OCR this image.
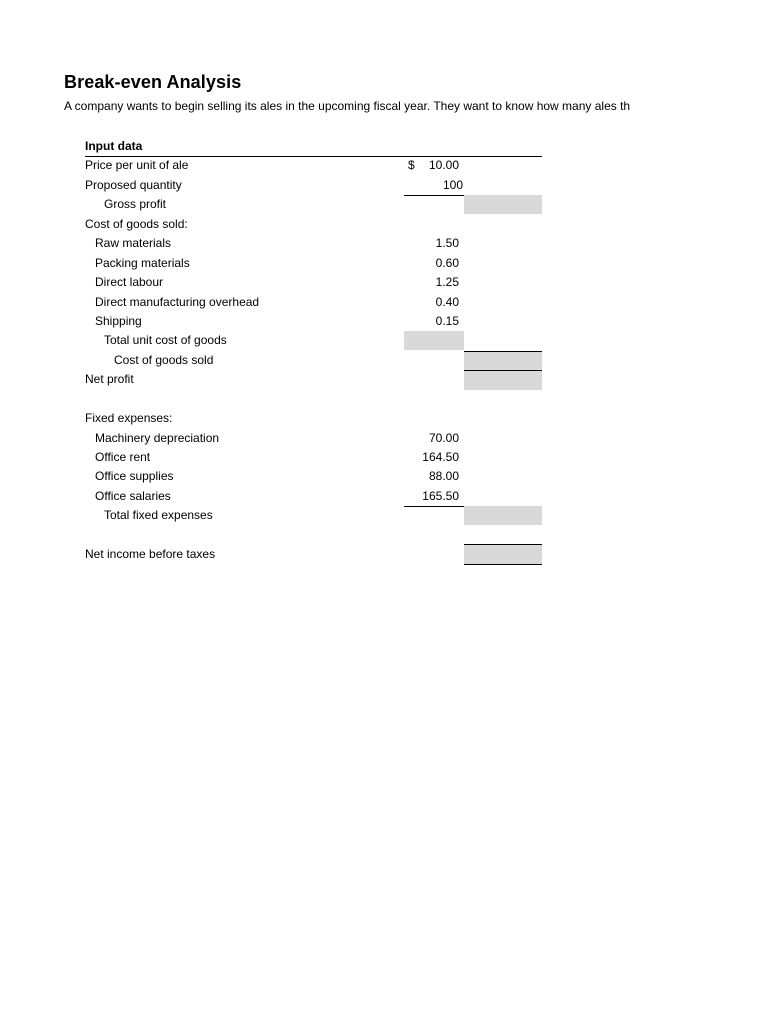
Break-even Analysis
A company wants to begin selling its ales in the upcoming fiscal year. They want to know how many ales th
Input data
Price per unit of ale	$ 10.00
Proposed quantity	100
Gross profit
Cost of goods sold:
Raw materials	1.50
Packing materials	0.60
Direct labour	1.25
Direct manufacturing overhead	0.40
Shipping	0.15
Total unit cost of goods
Cost of goods sold
Net profit
Fixed expenses:
Machinery depreciation	70.00
Office rent	164.50
Office supplies	88.00
Office salaries	165.50
Total fixed expenses
Net income before taxes
